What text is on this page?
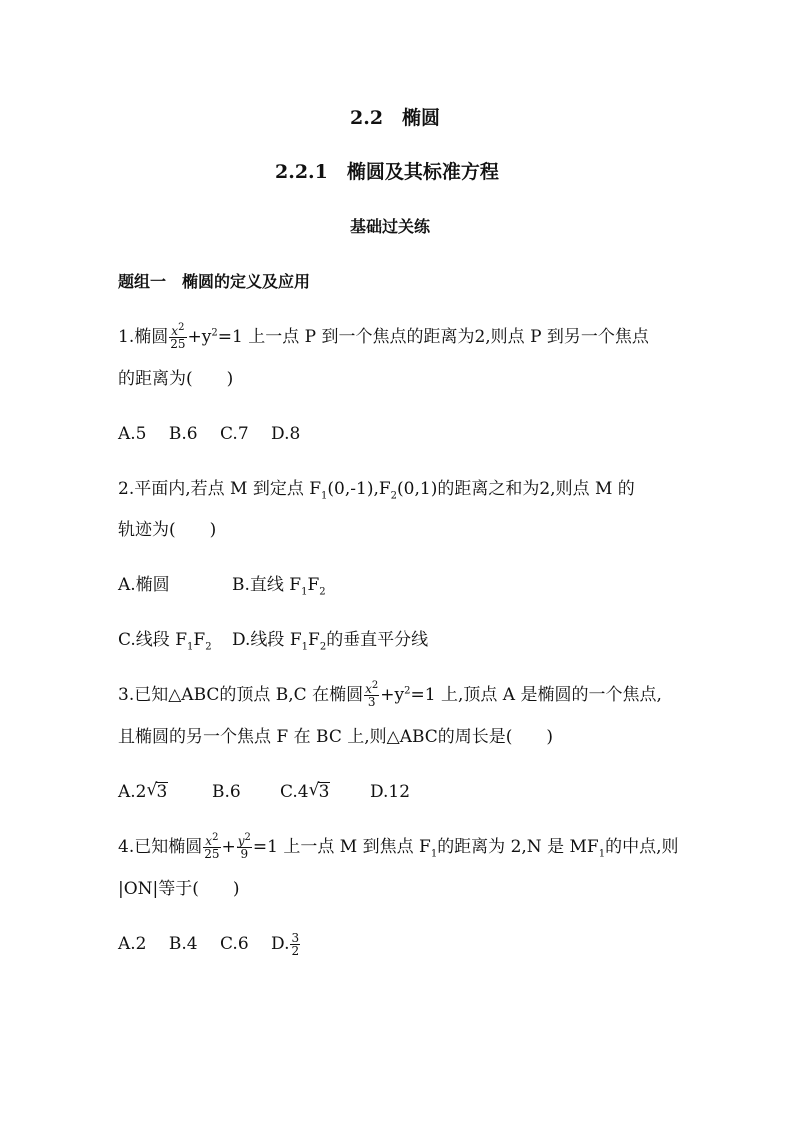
2.2　椭圆
2.2.1　椭圆及其标准方程
基础过关练
题组一　椭圆的定义及应用
1.椭圆 $\frac{x^2}{25} +y^2=1$ 上一点 P 到一个焦点的距离为2,则点 P 到另一个焦点
的距离为(　　)
A.5　 B.6　 C.7　 D.8
2.平面内,若点 M 到定点 $F_1(0,-1),F_2(0,1)$的距离之和为2,则点 M 的
轨迹为(　　)
A.椭圆	B.直线 $F_1F_2$
C.线段 $F_1F_2$ D.线段 $F_1F_2$的垂直平分线
3.已知△ABC的顶点 B,C 在椭圆 $\frac{x^2}{3} +y^2=1$ 上,顶点 A 是椭圆的一个焦点,
且椭圆的另一个焦点 F 在 BC 上,则△ABC的周长是(　　)
A.2 √ 3	B.6 C.4 √ 3 D.12
4.已知椭圆 $\frac{x^2}{25} + \frac{y^2}{9} =1$ 上一点 M 到焦点 $F_1$的距离为 2,N 是 $MF_1$的中点,则
|ON|等于(　　)
A.2　 B.4　 C.6　 D. $\frac{3}{2}$
